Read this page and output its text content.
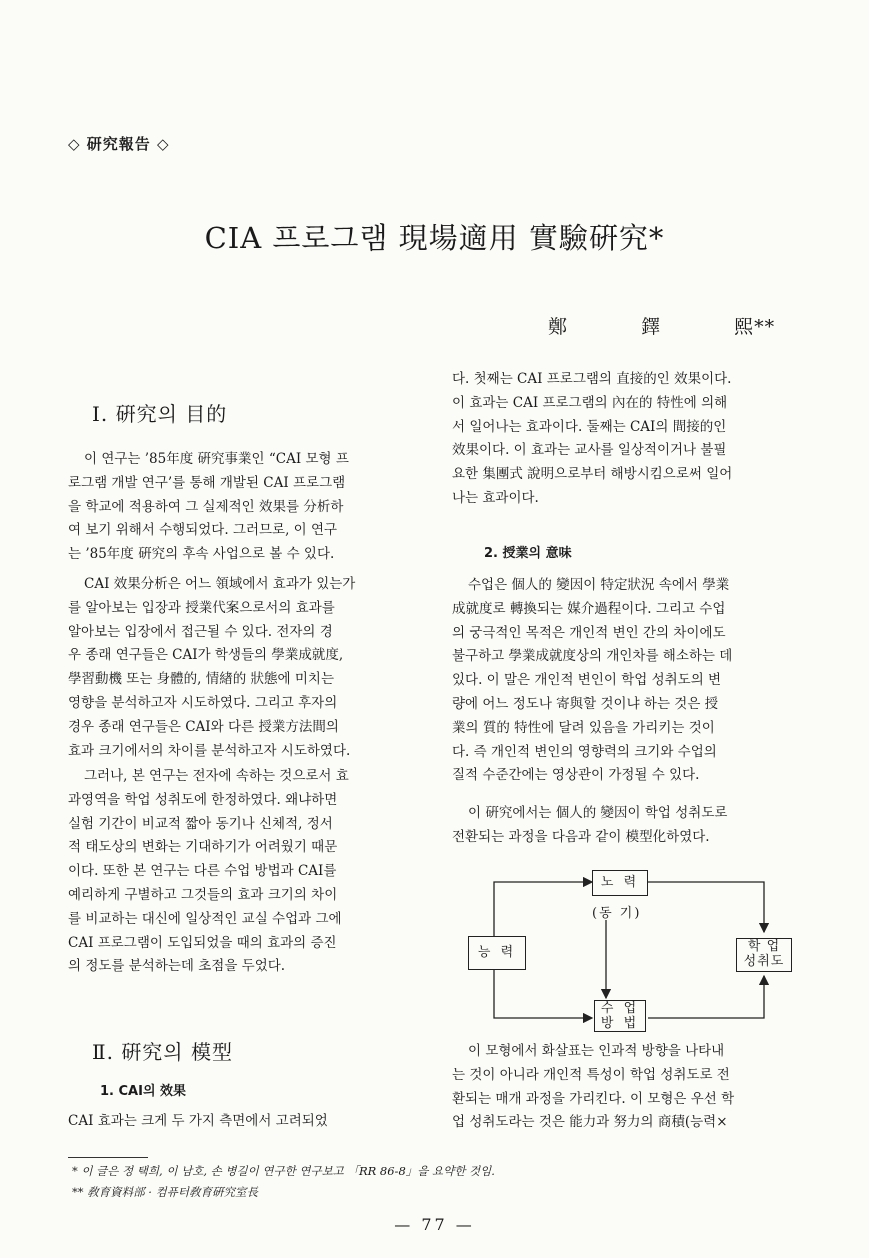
◇ 研究報告 ◇
CIA 프로그램 現場適用 實驗硏究*
鄭	鐸	熙**
Ⅰ. 硏究의 目的

이 연구는 ’85年度 硏究事業인 “CAI 모형 프

로그램 개발 연구’를 통해 개발된 CAI 프로그램

을 학교에 적용하여 그 실제적인 效果를 分析하

여 보기 위해서 수행되었다. 그러므로, 이 연구

는 ’85年度 硏究의 후속 사업으로 볼 수 있다.

CAI 效果分析은 어느 領域에서 효과가 있는가

를 알아보는 입장과 授業代案으로서의 효과를

알아보는 입장에서 접근될 수 있다. 전자의 경

우 종래 연구들은 CAI가 학생들의 學業成就度,

學習動機 또는 身體的, 情緖的 狀態에 미치는

영향을 분석하고자 시도하였다. 그리고 후자의

경우 종래 연구들은 CAI와 다른 授業方法間의

효과 크기에서의 차이를 분석하고자 시도하였다.

그러나, 본 연구는 전자에 속하는 것으로서 효

과영역을 학업 성취도에 한정하였다. 왜냐하면

실험 기간이 비교적 짧아 동기나 신체적, 정서

적 태도상의 변화는 기대하기가 어려웠기 때문

이다. 또한 본 연구는 다른 수업 방법과 CAI를

예리하게 구별하고 그것들의 효과 크기의 차이

를 비교하는 대신에 일상적인 교실 수업과 그에

CAI 프로그램이 도입되었을 때의 효과의 증진

의 정도를 분석하는데 초점을 두었다.

Ⅱ. 硏究의 模型
1. CAI의 效果

CAI 효과는 크게 두 가지 측면에서 고려되었

다. 첫째는 CAI 프로그램의 直接的인 效果이다.

이 효과는 CAI 프로그램의 內在的 特性에 의해

서 일어나는 효과이다. 둘째는 CAI의 間接的인

效果이다. 이 효과는 교사를 일상적이거나 불필

요한 集團式 說明으로부터 해방시킴으로써 일어

나는 효과이다.

2. 授業의 意味

수업은 個人的 變因이 特定狀況 속에서 學業

成就度로 轉換되는 媒介過程이다. 그리고 수업

의 궁극적인 목적은 개인적 변인 간의 차이에도

불구하고 學業成就度상의 개인차를 해소하는 데

있다. 이 말은 개인적 변인이 학업 성취도의 변

량에 어느 정도나 寄與할 것이냐 하는 것은 授

業의 質的 特性에 달려 있음을 가리키는 것이

다. 즉 개인적 변인의 영향력의 크기와 수업의

질적 수준간에는 영상관이 가정될 수 있다.

이 硏究에서는 個人的 變因이 학업 성취도로

전환되는 과정을 다음과 같이 模型化하였다.

노 력
(동 기)
능 력	학 업
성취도
수 업
방 법

이 모형에서 화살표는 인과적 방향을 나타내

는 것이 아니라 개인적 특성이 학업 성취도로 전

환되는 매개 과정을 가리킨다. 이 모형은 우선 학

업 성취도라는 것은 能力과 努力의 商積(능력×

* 이 글은 정 택희, 이 남호, 손 병길이 연구한 연구보고 「RR 86-8」을 요약한 것임.
** 敎育資料部 · 컴퓨터敎育硏究室長
— 77 —
